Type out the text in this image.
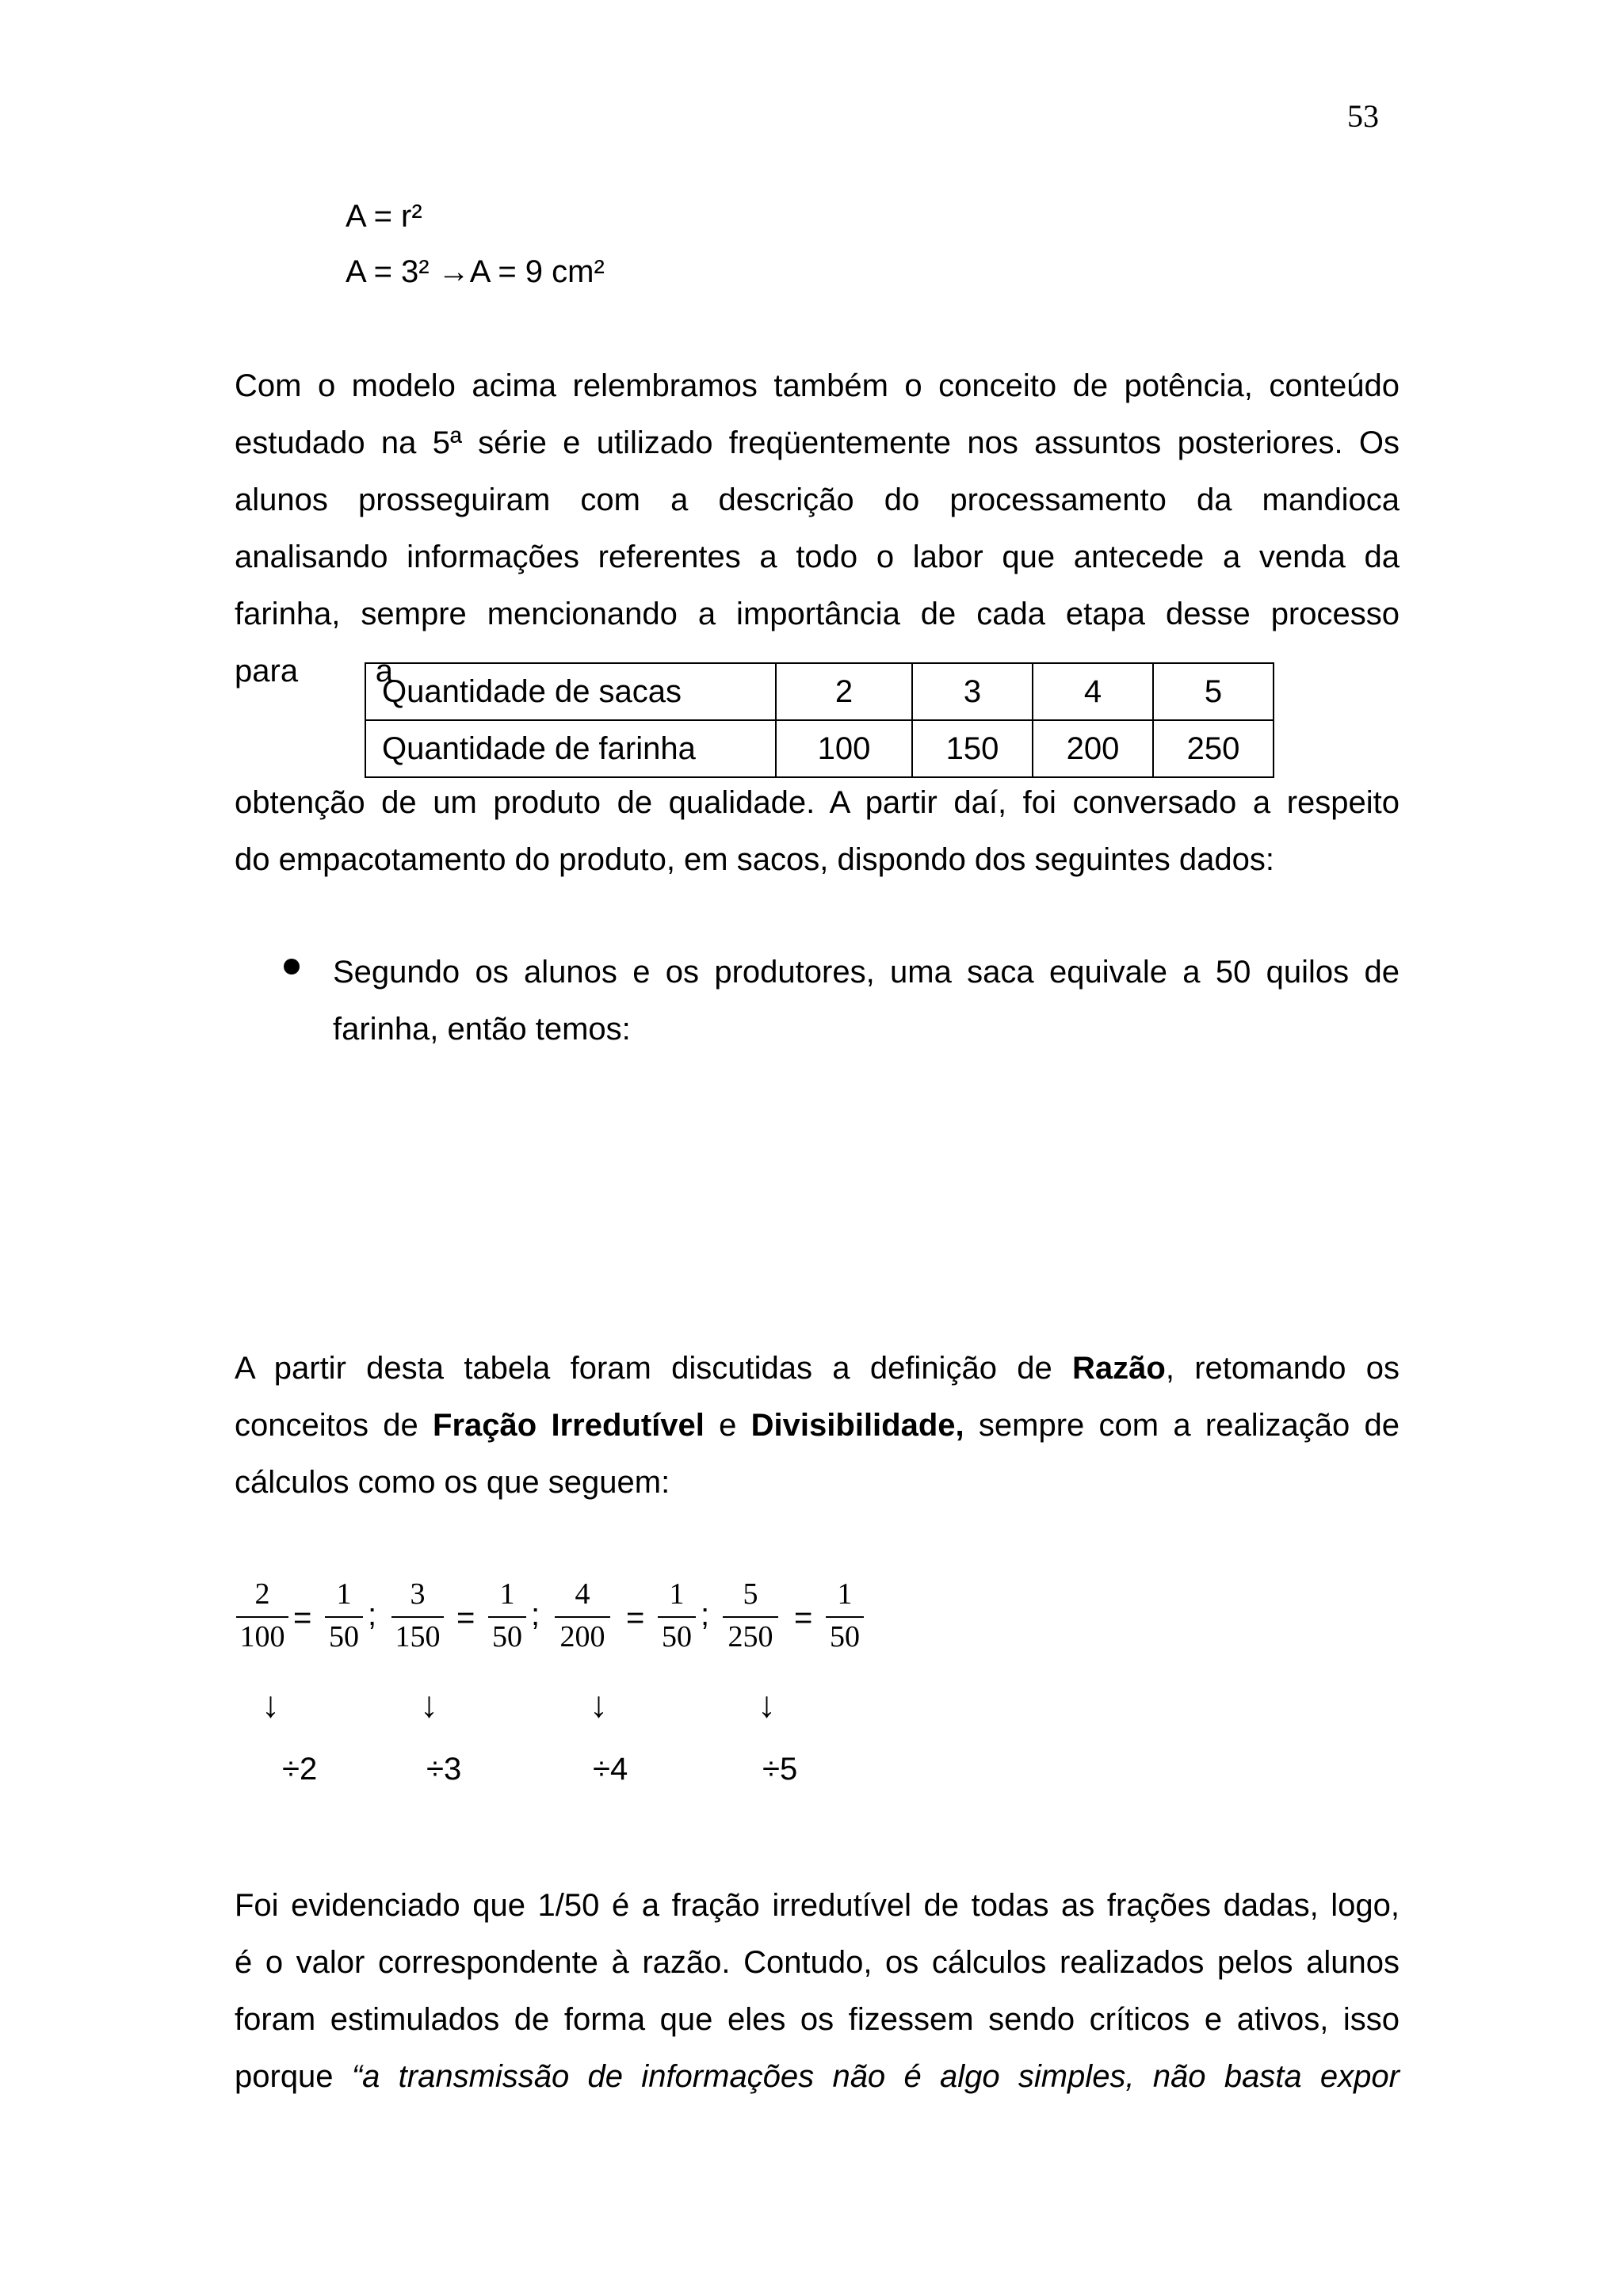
53
A = r²
A = 3² →A = 9 cm²

Com o modelo acima relembramos também o conceito de potência, conteúdo

estudado na 5ª série e utilizado freqüentemente nos assuntos posteriores. Os

alunos prosseguiram com a descrição do processamento da mandioca

analisando informações referentes a todo o labor que antecede a venda da

farinha, sempre mencionando a importância de cada etapa desse processo

para a

obtenção de um produto de qualidade. A partir daí, foi conversado a respeito

do empacotamento do produto, em sacos, dispondo dos seguintes dados:

Quantidade de sacas	2	3	4	5
Quantidade de farinha	100	150	200	250

Segundo os alunos e os produtores, uma saca equivale a 50 quilos de

farinha, então temos:

A partir desta tabela foram discutidas a definição de Razão, retomando os

conceitos de Fração Irredutível e Divisibilidade, sempre com a realização de

cálculos como os que seguem:

2
100
=
1
50
;
3
150
=
1
50
;
4
200
=
1
50
;
5
250
=
1
50
↓	↓	↓	↓
÷2	÷3	÷4	÷5

Foi evidenciado que 1/50 é a fração irredutível de todas as frações dadas, logo,

é o valor correspondente à razão. Contudo, os cálculos realizados pelos alunos

foram estimulados de forma que eles os fizessem sendo críticos e ativos, isso

porque “a transmissão de informações não é algo simples, não basta expor
